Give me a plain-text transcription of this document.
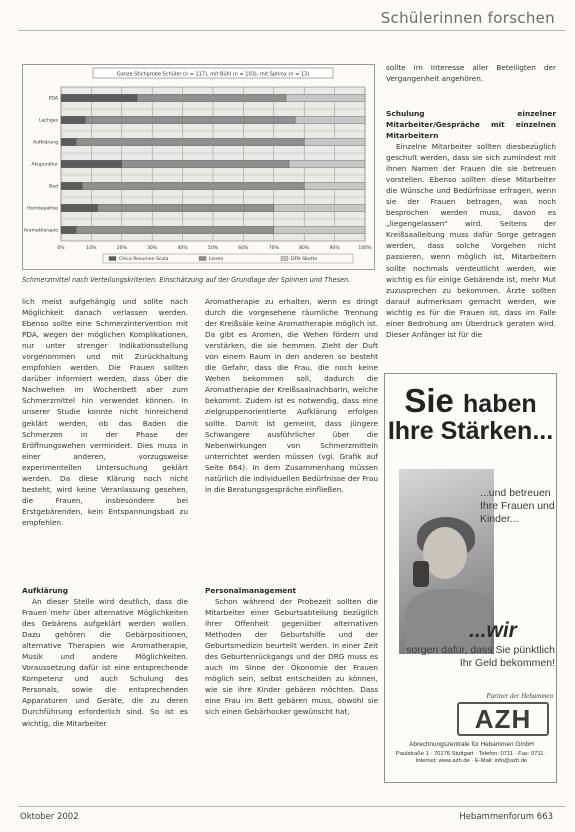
Schülerinnen forschen
Ganze Stichprobe Schüler (n = 117), mit Bühl (n = 103), mit Sphinx (n = 13)
0%	10%	20%	30%	40%	50%	60%	70%	80%	90%	100%
PDA
Lachgas
Aufklärung
Akupunktur
Bad
Homöopathie
Aromatherapie
Chica Resumen Scala	Lorem	DFN Sbotte
Schmerzmittel nach Verteilungskriterien. Einschätzung auf der Grundlage der Spinnen und Thesen.

lich meist aufgehängig und sollte nach Möglichkeit danach verlassen werden. Ebenso sollte eine Schmerzintervention mit PDA, wegen der möglichen Komplikationen, nur unter strenger Indikationsstellung vorgenommen und mit Zurückhaltung empfohlen werden. Die Frauen sollten darüber informiert werden, dass über die Nachwehen im Wochenbett aber zum Schmerzmittel hin verwendet können. In unserer Studie konnte nicht hinreichend geklärt werden, ob das Baden die Schmerzen in der Phase der Eröffnungswehen vermindert. Dies muss in einer anderen, vorzugsweise experimentellen Untersuchung geklärt werden. Da diese Klärung noch nicht besteht, wird keine Veranlassung gesehen, die Frauen, insbesondere bei Erstgebärenden, kein Entspannungsbad zu empfehlen.

Aufklärung

An dieser Stelle wird deutlich, dass die Frauen mehr über alternative Möglichkeiten des Gebärens aufgeklärt werden wollen. Dazu gehören die Gebärpositionen, alternative Therapien wie Aromatherapie, Musik und andere Möglichkeiten. Voraussetzung dafür ist eine entsprechende Kompetenz und auch Schulung des Personals, sowie die entsprechenden Apparaturen und Geräte, die zu deren Durchführung erforderlich sind. So ist es wichtig, die Mitarbeiter

Aromatherapie zu erhalten, wenn es dringt durch die vorgesehene räumliche Trennung der Kreißsäle keine Aromatherapie möglich ist. Da gibt es Aromen, die Wehen fördern und verstärken, die sie hemmen. Zieht der Duft von einem Raum in den anderen so besteht die Gefahr, dass die Frau, die noch keine Wehen bekommen soll, dadurch die Aromatherapie der Kreißsaalnachbarin, welche bekommt. Zudem ist es notwendig, dass eine zielgruppenorientierte Aufklärung erfolgen sollte. Damit ist gemeint, dass jüngere Schwangere ausführlicher über die Nebenwirkungen von Schmerzmitteln unterrichtet werden müssen (vgl. Grafik auf Seite 664). In dem Zusammenhang müssen natürlich die individuellen Bedürfnisse der Frau in die Beratungsgespräche einfließen.

Personalmanagement

Schon während der Probezeit sollten die Mitarbeiter einer Geburtsabteilung bezüglich ihrer Offenheit gegenüber alternativen Methoden der Geburtshilfe und der Geburtsmedizin beurteilt werden. In einer Zeit des Geburtenrückgangs und der DRG muss es auch im Sinne der Ökonomie der Frauen möglich sein, selbst entscheiden zu können, wie sie ihre Kinder gebären möchten. Dass eine Frau im Bett gebären muss, obwohl sie sich einen Gebärhocker gewünscht hat,

sollte im Interesse aller Beteiligten der Vergangenheit angehören.

Schulung einzelner Mitarbeiter/Gespräche mit einzelnen Mitarbeitern

Einzelne Mitarbeiter sollten diesbezüglich geschult werden, dass sie sich zumindest mit ihnen Namen der Frauen die sie betreuen vorstellen. Ebenso sollten diese Mitarbeiter die Wünsche und Bedürfnisse erfragen, wenn sie der Frauen betragen, was noch besprochen werden muss, davon es „liegengelassen“ wird. Seitens der Kreißsaalleitung muss dafür Sorge getragen werden, dass solche Vorgehen nicht passieren, wenn möglich ist, Mitarbeitern sollte nochmals verdeutlicht werden, wie wichtig es für einige Gebärende ist, mehr Mut zuzusprechen zu bekommen. Ärzte sollten darauf aufmerksam gemacht werden, wie wichtig es für die Frauen ist, dass im Falle einer Bedrohung am Überdruck geraten wird. Dieser Anfänger ist für die

Sie haben
Ihre Stärken...
...und betreuen Ihre Frauen und Kinder...
...wir
sorgen dafür, dass Sie pünktlich Ihr Geld bekommen!
Partner der Hebammen
AZH
Abrechnungszentrale für Hebammen GmbH
Paulstraße 1 · 70176 Stuttgart · Telefon: 0711 · Fax: 0711 · Internet: www.azh.de · E-Mail: info@azh.de
Oktober 2002	Hebammenforum 663
